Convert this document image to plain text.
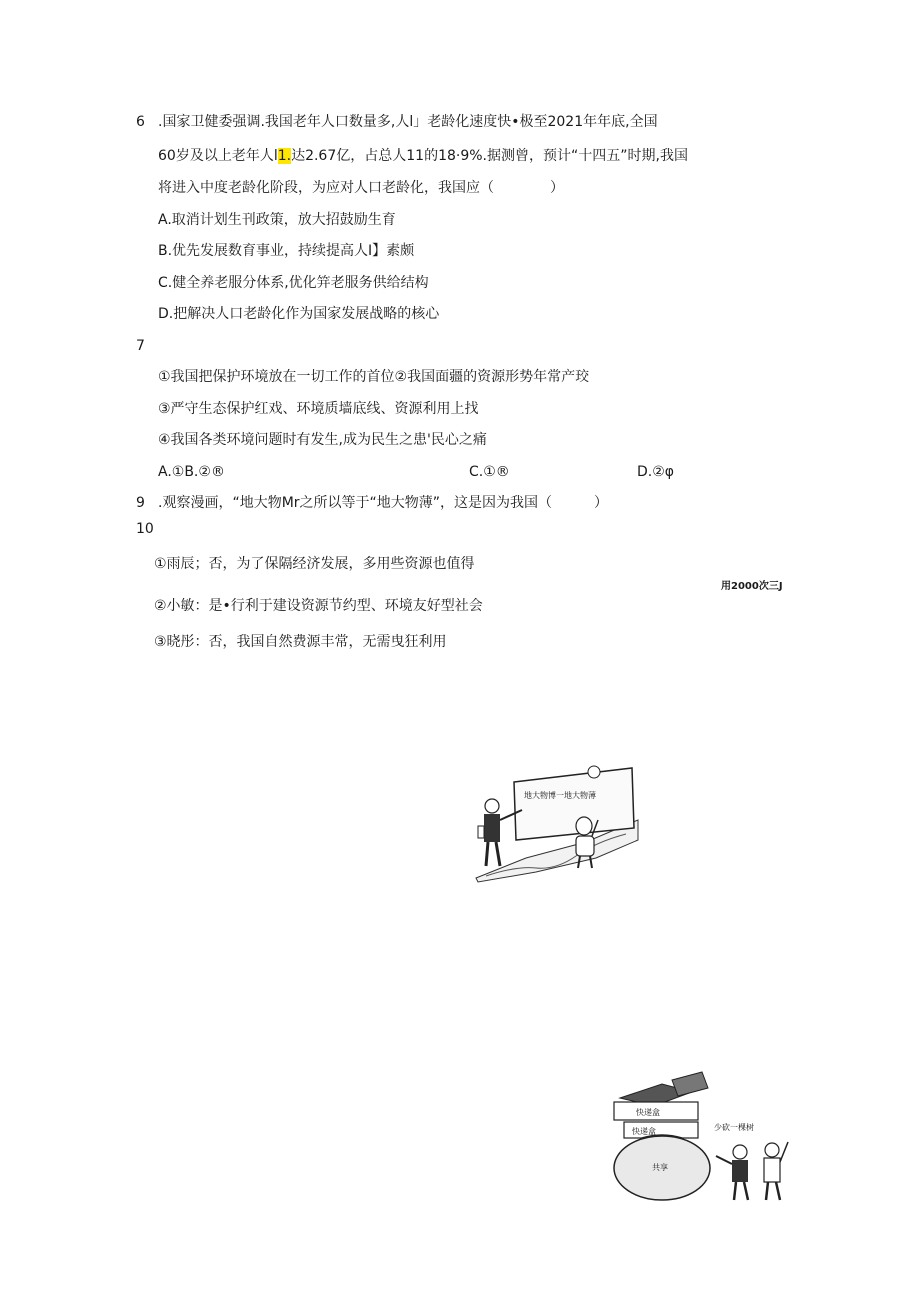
6 .国家卫健委强调.我国老年人口数量多,人l」老龄化速度快•极至2021年年底,全国
60岁及以上老年人l1.达2.67亿，占总人11的18·9%.据测曾，预计“十四五”时期,我国
将进入中度老龄化阶段，为应对人口老龄化，我国应（　　　　）
A.取消计划生刊政策，放大招鼓励生育
B.优先发展数育事业，持续提高人I】素颇
C.健全养老服分体系,优化笄老服务供给结构
D.把解决人口老龄化作为国家发展战略的核心
7
①我国把保护环境放在一切工作的首位②我国面疆的资源形势年常产珓
③严守生态保护红戏、环境质墙底线、资源利用上找
④我国各类环境问题时有发生,成为民生之患'民心之痛
A.①B.②®	C.①®	D.②φ
9 .观察漫画，“地大物Mr之所以等于“地大物薄”，这是因为我国（　　　）
10
①雨辰；否，为了保隔经济发展，多用些资源也值得
用2000次三J
②小敏：是•行利于建设资源节约型、环境友好型社会
③晓彤：否，我国自然费源丰常，无需曳狂利用
地大物博一地大物薄
快递盒
快递盒
共享
少砍一棵树
